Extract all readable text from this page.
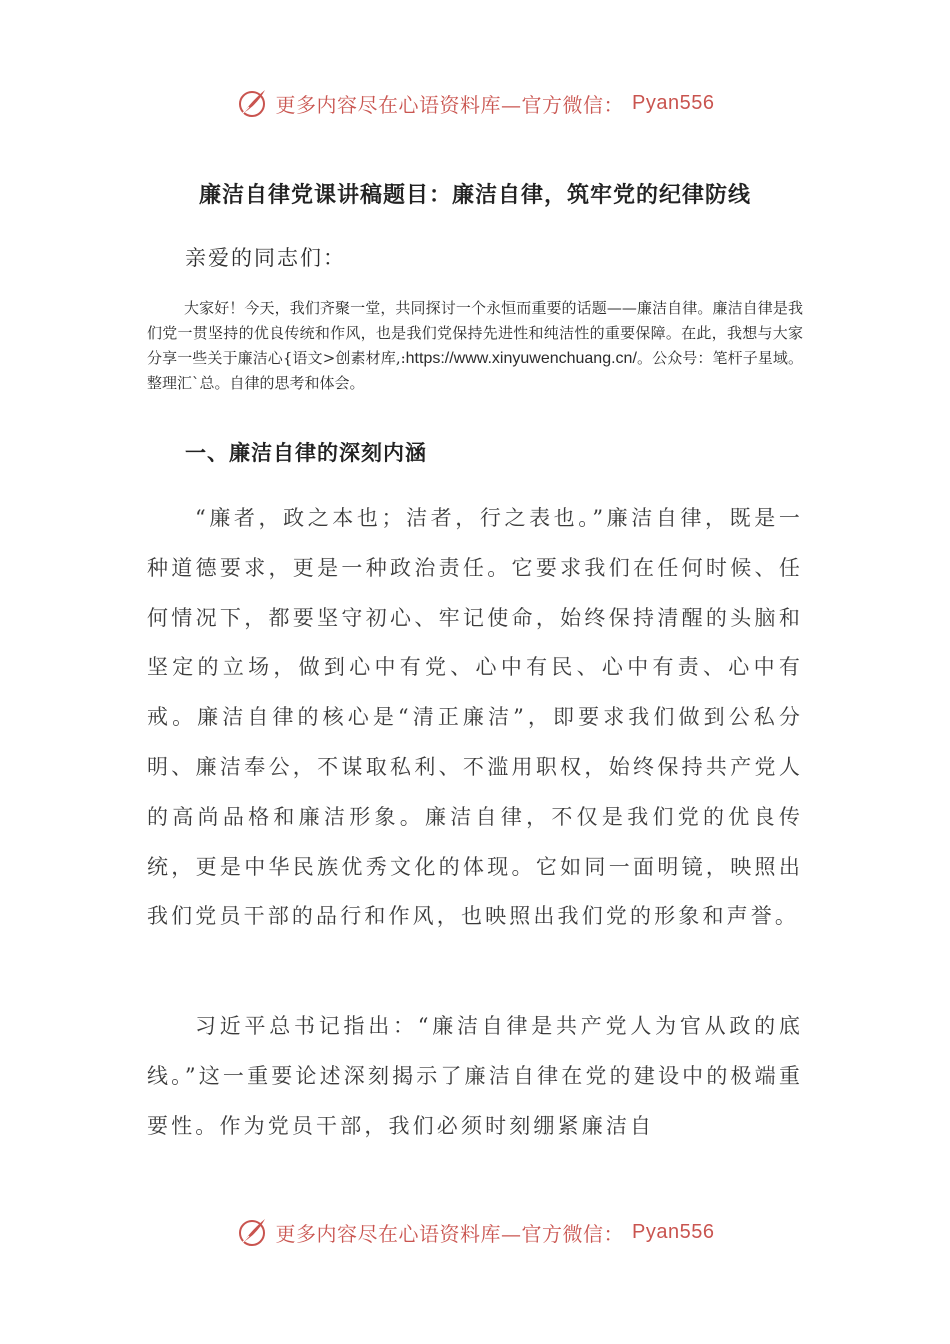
更多内容尽在心语资料库—官方微信： Pyan556
廉洁自律党课讲稿题目：廉洁自律，筑牢党的纪律防线
亲爱的同志们：

大家好！今天，我们齐聚一堂，共同探讨一个永恒而重要的话题——廉洁自律。廉洁自律是我们党一贯坚持的优良传统和作风，也是我们党保持先进性和纯洁性的重要保障。在此，我想与大家分享一些关于廉洁心{语文>创素材库,:https://www.xinyuwenchuang.cn/。公众号：笔杆子星域。整理汇`总。自律的思考和体会。

一、廉洁自律的深刻内涵

“廉者，政之本也；洁者，行之表也。”廉洁自律，既是一种道德要求，更是一种政治责任。它要求我们在任何时候、任何情况下，都要坚守初心、牢记使命，始终保持清醒的头脑和坚定的立场，做到心中有党、心中有民、心中有责、心中有戒。廉洁自律的核心是“清正廉洁”，即要求我们做到公私分明、廉洁奉公，不谋取私利、不滥用职权，始终保持共产党人的高尚品格和廉洁形象。廉洁自律，不仅是我们党的优良传统，更是中华民族优秀文化的体现。它如同一面明镜，映照出我们党员干部的品行和作风，也映照出我们党的形象和声誉。

习近平总书记指出：“廉洁自律是共产党人为官从政的底线。”这一重要论述深刻揭示了廉洁自律在党的建设中的极端重要性。作为党员干部，我们必须时刻绷紧廉洁自

更多内容尽在心语资料库—官方微信： Pyan556
